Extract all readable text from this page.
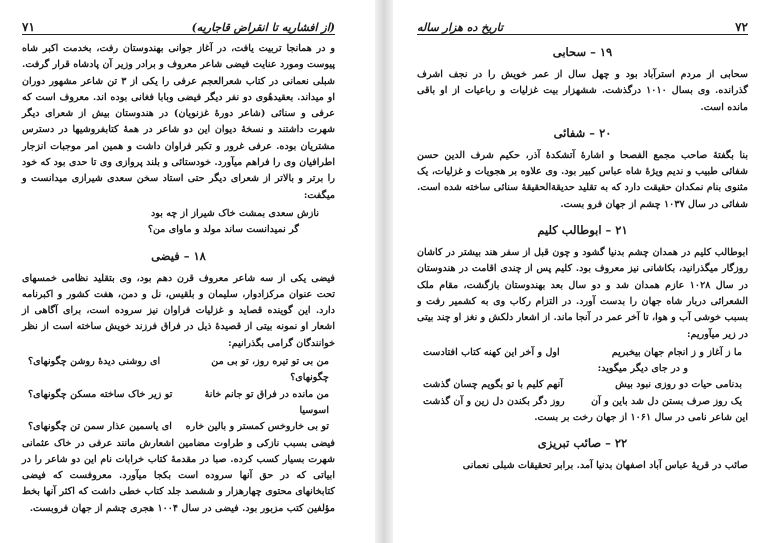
(از افشاریه تا انقراض قاجاریه)
۷۱

و در همانجا تربیت یافت، در آغاز جوانی بهندوستان رفت، بخدمت اکبر شاه پیوست ومورد عنایت فیضی شاعر معروف و برادر وزیر آن پادشاه قرار گرفت. شبلی نعمانی در کتاب شعرالعجم عرفی را یکی از ۳ تن شاعر مشهور دوران او میداند. بعقیدهٔوی دو نفر دیگر فیضی وبابا فغانی بوده اند. معروف است که عرفی و سنائی (شاعر دورهٔ غزنویان) در هندوستان بیش از شعرای دیگر شهرت داشتند و نسخهٔ دیوان این دو شاعر در همهٔ کتابفروشیها در دسترس مشتریان بوده. عرفی غرور و تکبر فراوان داشت و همین امر موجبات انزجار اطرافیان وی را فراهم میآورد. خودستائی و بلند پروازی وی تا حدی بود که خود را برتر و بالاتر از شعرای دیگر حتی استاد سخن سعدی شیرازی میدانست و میگفت:

نازش سعدی بمشت خاک شیراز از چه بود
گر نمیدانست ساند مولد و ماوای من؟
۱۸ – فیضی

فیضی یکی از سه شاعر معروف قرن دهم بود، وی بتقلید نظامی خمسهای تحت عنوان مرکزادوار، سلیمان و بلقیس، نل و دمن، هفت کشور و اکبرنامه دارد. این گوینده قصاید و غزلیات فراوان نیز سروده است، برای آگاهی از اشعار او نمونه بیتی از قصیدهٔ ذیل در فراق فرزند خویش ساخته است از نظر خوانندگان گرامی بگذرانیم:

من بی تو تیره روز، تو بی من چگونهای؟
ای روشنی دیدهٔ روشن چگونهای؟
من مانده در فراق تو جانم خانهٔ اسوسیا
تو زیر خاک ساخته مسکن چگونهای؟
تو بی خاروخس کمستر و بالین خاره
ای یاسمین عذار سمن تن چگونهای؟

فیضی بسبب نازکی و طراوت مضامین اشعارش مانند عرفی در خاک عثمانی شهرت بسیار کسب کرده. صبا در مقدمهٔ کتاب خرابات نام این دو شاعر را در ابیاتی که در حق آنها سروده است بکجا میآورد. معروفست که فیضی کتابخانهای محتوی چهارهزار و ششصد جلد کتاب خطی داشت که اکثر آنها بخط مؤلفین کتب مزبور بود. فیضی در سال ۱۰۰۴ هجری چشم از جهان فروبست.

۷۲
تاریخ ده هزار ساله
۱۹ – سحابی

سحابی از مردم استرآباد بود و چهل سال از عمر خویش را در نجف اشرف گذرانده. وی بسال ۱۰۱۰ درگذشت. ششهزار بیت غزلیات و رباعیات از او باقی مانده است.

۲۰ – شفائی

بنا بگفتهٔ صاحب مجمع الفصحا و اشارهٔ آتشکدهٔ آذر، حکیم شرف الدین حسن شفائی طبیب و ندیم ویژهٔ شاه عباس کبیر بود. وی علاوه بر هجویات و غزلیات، یک مثنوی بنام نمکدان حقیقت دارد که به تقلید حدیقةالحقیقهٔ سنائی ساخته شده است. شفائی در سال ۱۰۳۷ چشم از جهان فرو بست.

۲۱ – ابوطالب کلیم

ابوطالب کلیم در همدان چشم بدنیا گشود و چون قبل از سفر هند بیشتر در کاشان روزگار میگذرانید، بکاشانی نیز معروف بود. کلیم پس از چندی اقامت در هندوستان در سال ۱۰۲۸ عازم همدان شد و دو سال بعد بهندوستان بازگشت، مقام ملک الشعرائی دربار شاه جهان را بدست آورد. در التزام رکاب وی به کشمیر رفت و بسبب خوشی آب و هوا، تا آخر عمر در آنجا ماند. از اشعار دلکش و نغز او چند بیتی در زیر میآوریم:

ما ز آغاز و ز انجام جهان بیخبریم
اول و آخر این کهنه کتاب افتادست
و در جای دیگر میگوید:
بدنامی حیات دو روزی نبود بیش
آنهم کلیم با تو بگویم چسان گذشت
یک روز صرف بستن دل شد باین و آن
روز دگر بکندن دل زین و آن گذشت

این شاعر نامی در سال ۱۰۶۱ از جهان رخت بر بست.

۲۲ – صائب تبریزی

صائب در قریهٔ عباس آباد اصفهان بدنیا آمد. برابر تحقیقات شبلی نعمانی
